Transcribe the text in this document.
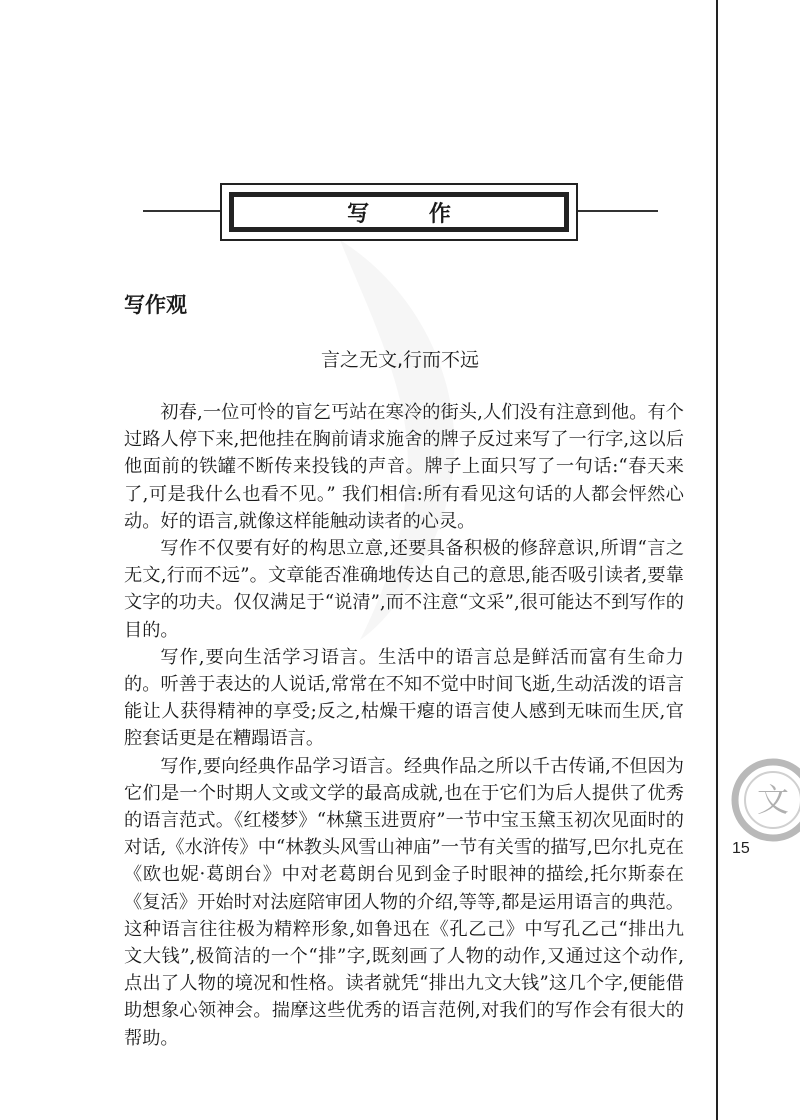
文
15
写 作
写作观
言之无文,行而不远

初春,一位可怜的盲乞丐站在寒冷的街头,人们没有注意到他。有个过路人停下来,把他挂在胸前请求施舍的牌子反过来写了一行字,这以后他面前的铁罐不断传来投钱的声音。牌子上面只写了一句话:“春天来了,可是我什么也看不见。” 我们相信:所有看见这句话的人都会怦然心动。好的语言,就像这样能触动读者的心灵。

写作不仅要有好的构思立意,还要具备积极的修辞意识,所谓“言之无文,行而不远”。文章能否准确地传达自己的意思,能否吸引读者,要靠文字的功夫。仅仅满足于“说清”,而不注意“文采”,很可能达不到写作的目的。

写作,要向生活学习语言。生活中的语言总是鲜活而富有生命力的。听善于表达的人说话,常常在不知不觉中时间飞逝,生动活泼的语言能让人获得精神的享受;反之,枯燥干瘪的语言使人感到无味而生厌,官腔套话更是在糟蹋语言。

写作,要向经典作品学习语言。经典作品之所以千古传诵,不但因为它们是一个时期人文或文学的最高成就,也在于它们为后人提供了优秀的语言范式。《红楼梦》“林黛玉进贾府”一节中宝玉黛玉初次见面时的对话,《水浒传》中“林教头风雪山神庙”一节有关雪的描写,巴尔扎克在《欧也妮·葛朗台》中对老葛朗台见到金子时眼神的描绘,托尔斯泰在《复活》开始时对法庭陪审团人物的介绍,等等,都是运用语言的典范。这种语言往往极为精粹形象,如鲁迅在《孔乙己》中写孔乙己“排出九文大钱”,极简洁的一个“排”字,既刻画了人物的动作,又通过这个动作,点出了人物的境况和性格。读者就凭“排出九文大钱”这几个字,便能借助想象心领神会。揣摩这些优秀的语言范例,对我们的写作会有很大的帮助。
